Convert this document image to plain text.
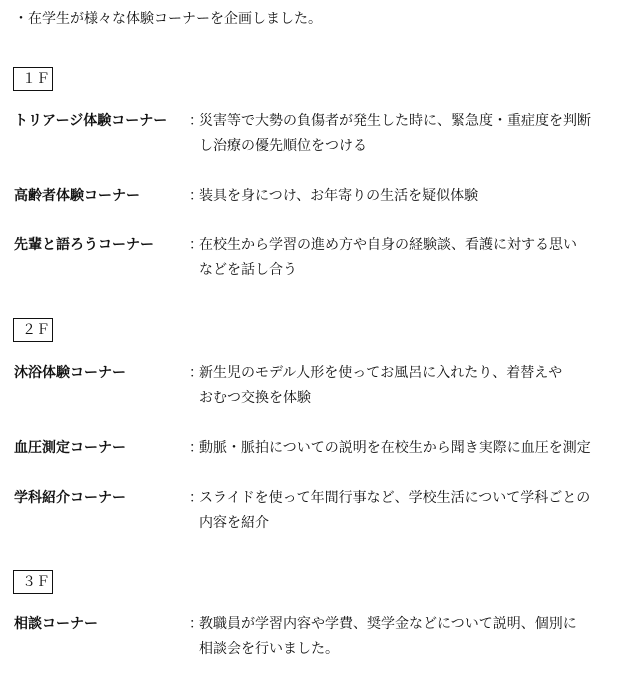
・在学生が様々な体験コーナーを企画しました。
１Ｆ
トリアージ体験コーナー ：
災害等で大勢の負傷者が発生した時に、緊急度・重症度を判断
し治療の優先順位をつける
高齢者体験コーナー	：
装具を身につけ、お年寄りの生活を疑似体験
先輩と語ろうコーナー	：
在校生から学習の進め方や自身の経験談、看護に対する思い
などを話し合う
２Ｆ
沐浴体験コーナー	：
新生児のモデル人形を使ってお風呂に入れたり、着替えや
おむつ交換を体験
血圧測定コーナー	：
動脈・脈拍についての説明を在校生から聞き実際に血圧を測定
学科紹介コーナー	：
スライドを使って年間行事など、学校生活について学科ごとの
内容を紹介
３Ｆ
相談コーナー	：
教職員が学習内容や学費、奨学金などについて説明、個別に
相談会を行いました。
